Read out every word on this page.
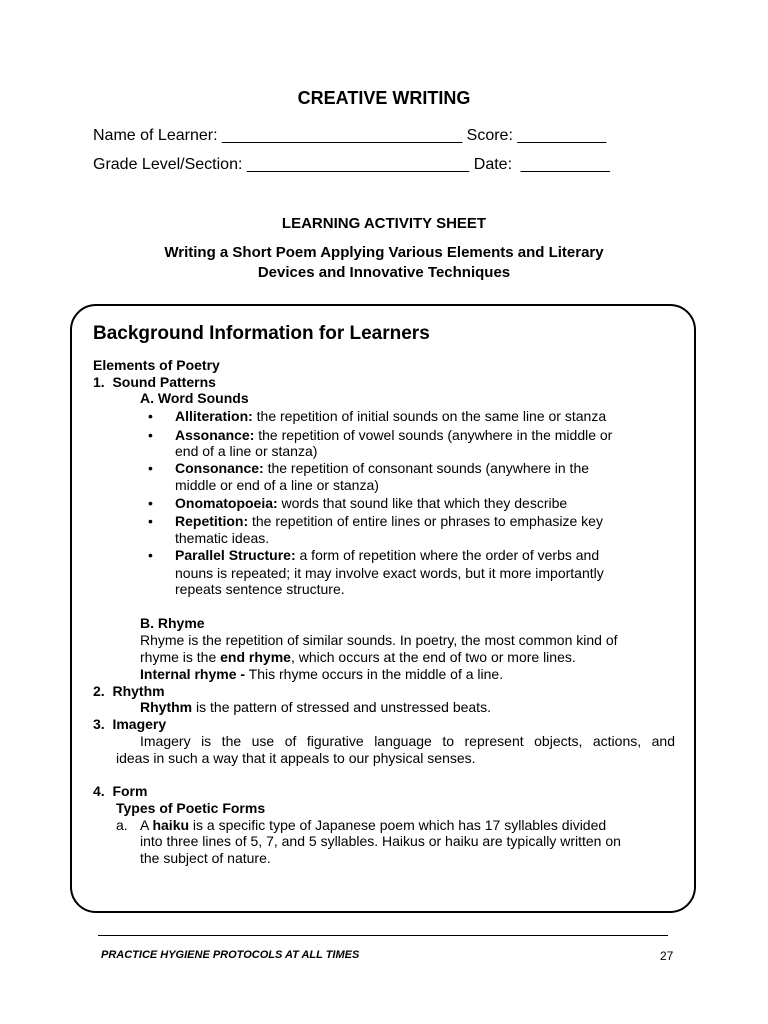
CREATIVE WRITING
Name of Learner: ___________________________ Score: __________
Grade Level/Section: _________________________ Date:  __________
LEARNING ACTIVITY SHEET
Writing a Short Poem Applying Various Elements and Literary
Devices and Innovative Techniques
Background Information for Learners
Elements of Poetry
1.  Sound Patterns
A. Word Sounds
• Alliteration: the repetition of initial sounds on the same line or stanza
• Assonance: the repetition of vowel sounds (anywhere in the middle or
end of a line or stanza)
• Consonance: the repetition of consonant sounds (anywhere in the
middle or end of a line or stanza)
• Onomatopoeia: words that sound like that which they describe
• Repetition: the repetition of entire lines or phrases to emphasize key
thematic ideas.
• Parallel Structure: a form of repetition where the order of verbs and
nouns is repeated; it may involve exact words, but it more importantly
repeats sentence structure.
B. Rhyme
Rhyme is the repetition of similar sounds. In poetry, the most common kind of
rhyme is the end rhyme, which occurs at the end of two or more lines.
Internal rhyme - This rhyme occurs in the middle of a line.
2.  Rhythm
Rhythm is the pattern of stressed and unstressed beats.
3.  Imagery
Imagery is the use of figurative language to represent objects, actions, and
ideas in such a way that it appeals to our physical senses.
4.  Form
Types of Poetic Forms
a. A haiku is a specific type of Japanese poem which has 17 syllables divided
into three lines of 5, 7, and 5 syllables. Haikus or haiku are typically written on
the subject of nature.
PRACTICE HYGIENE PROTOCOLS AT ALL TIMES	27
